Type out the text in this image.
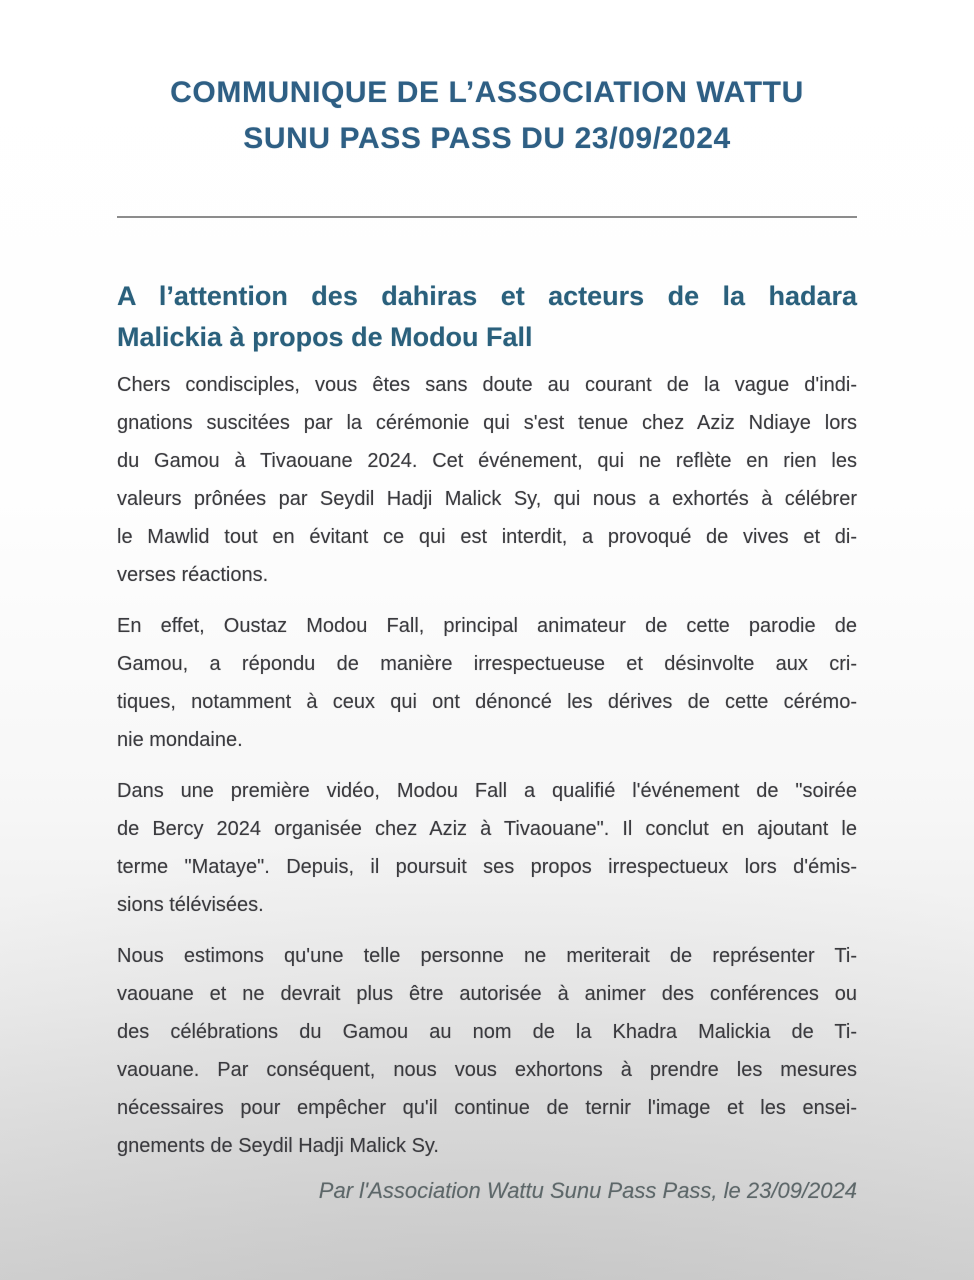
COMMUNIQUE DE L’ASSOCIATION WATTU
SUNU PASS PASS DU 23/09/2024
A l’attention des dahiras et acteurs de la hadara
Malickia à propos de Modou Fall
Chers condisciples, vous êtes sans doute au courant de la vague d'indi-
gnations suscitées par la cérémonie qui s'est tenue chez Aziz Ndiaye lors
du Gamou à Tivaouane 2024. Cet événement, qui ne reflète en rien les
valeurs prônées par Seydil Hadji Malick Sy, qui nous a exhortés à célébrer
le Mawlid tout en évitant ce qui est interdit, a provoqué de vives et di-
verses réactions.
En effet, Oustaz Modou Fall, principal animateur de cette parodie de
Gamou, a répondu de manière irrespectueuse et désinvolte aux cri-
tiques, notamment à ceux qui ont dénoncé les dérives de cette cérémo-
nie mondaine.
Dans une première vidéo, Modou Fall a qualifié l'événement de "soirée
de Bercy 2024 organisée chez Aziz à Tivaouane". Il conclut en ajoutant le
terme "Mataye". Depuis, il poursuit ses propos irrespectueux lors d'émis-
sions télévisées.
Nous estimons qu'une telle personne ne meriterait de représenter Ti-
vaouane et ne devrait plus être autorisée à animer des conférences ou
des célébrations du Gamou au nom de la Khadra Malickia de Ti-
vaouane. Par conséquent, nous vous exhortons à prendre les mesures
nécessaires pour empêcher qu'il continue de ternir l'image et les ensei-
gnements de Seydil Hadji Malick Sy.
Par l'Association Wattu Sunu Pass Pass, le 23/09/2024
